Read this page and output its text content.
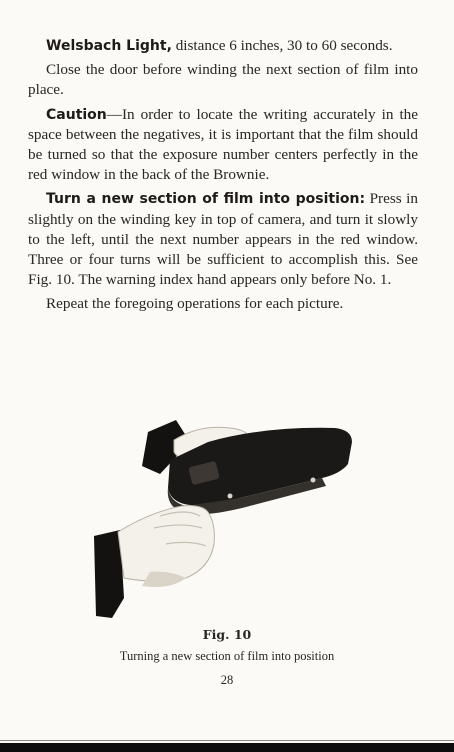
Welsbach Light, distance 6 inches, 30 to 60 seconds.

Close the door before winding the next section of film into place.

Caution—In order to locate the writing accurately in the space between the negatives, it is important that the film should be turned so that the exposure number centers perfectly in the red window in the back of the Brownie.

Turn a new section of film into position: Press in slightly on the winding key in top of camera, and turn it slowly to the left, until the next number appears in the red window. Three or four turns will be sufficient to accomplish this. See Fig. 10. The warning index hand appears only before No. 1.

Repeat the foregoing operations for each picture.

Fig. 10
Turning a new section of film into position
28
